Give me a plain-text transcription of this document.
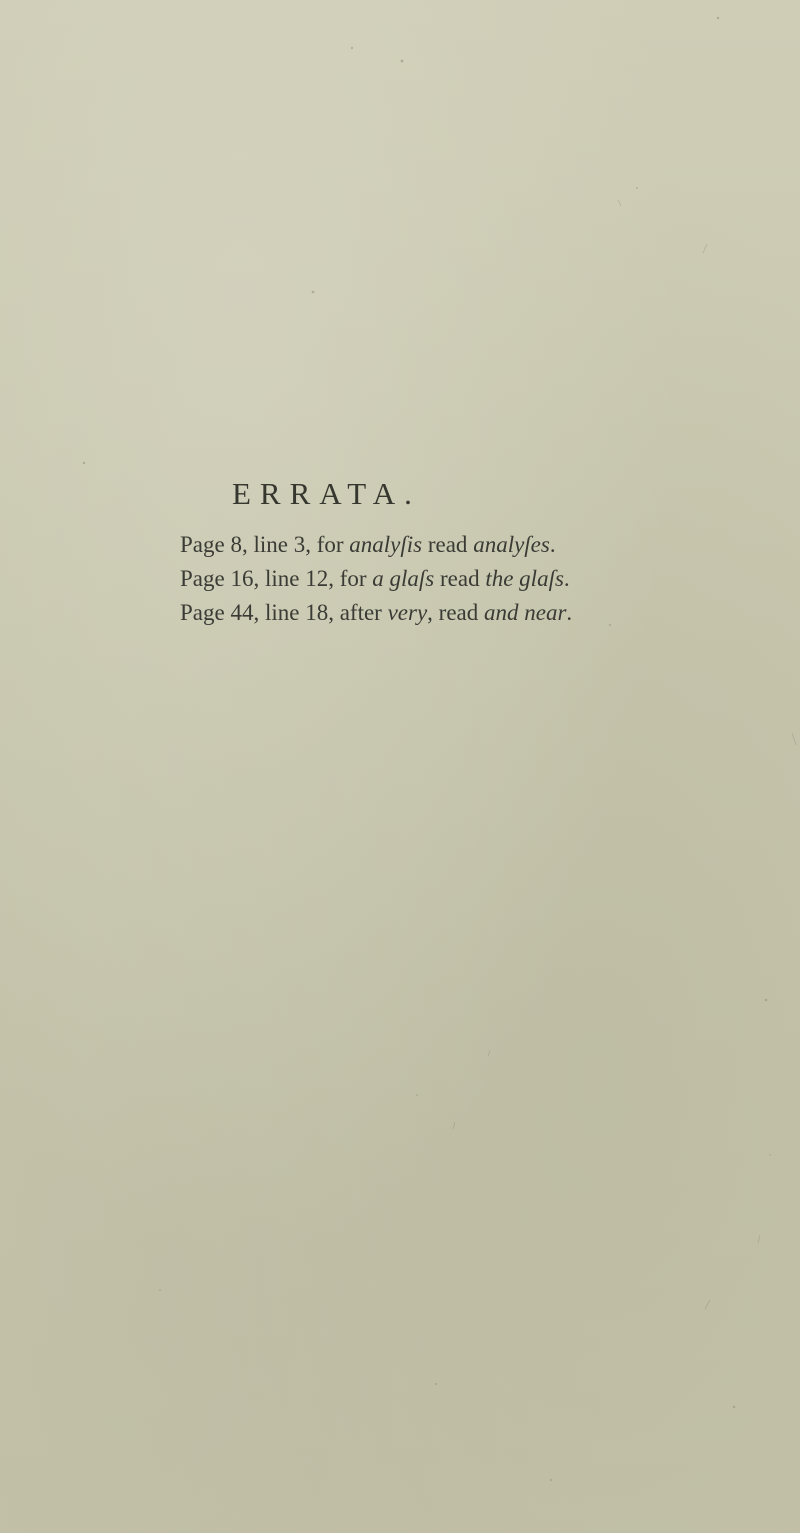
ERRATA.
Page 8, line 3, for analyſis read analyſes.
Page 16, line 12, for a glaſs read the glaſs.
Page 44, line 18, after very, read and near.
